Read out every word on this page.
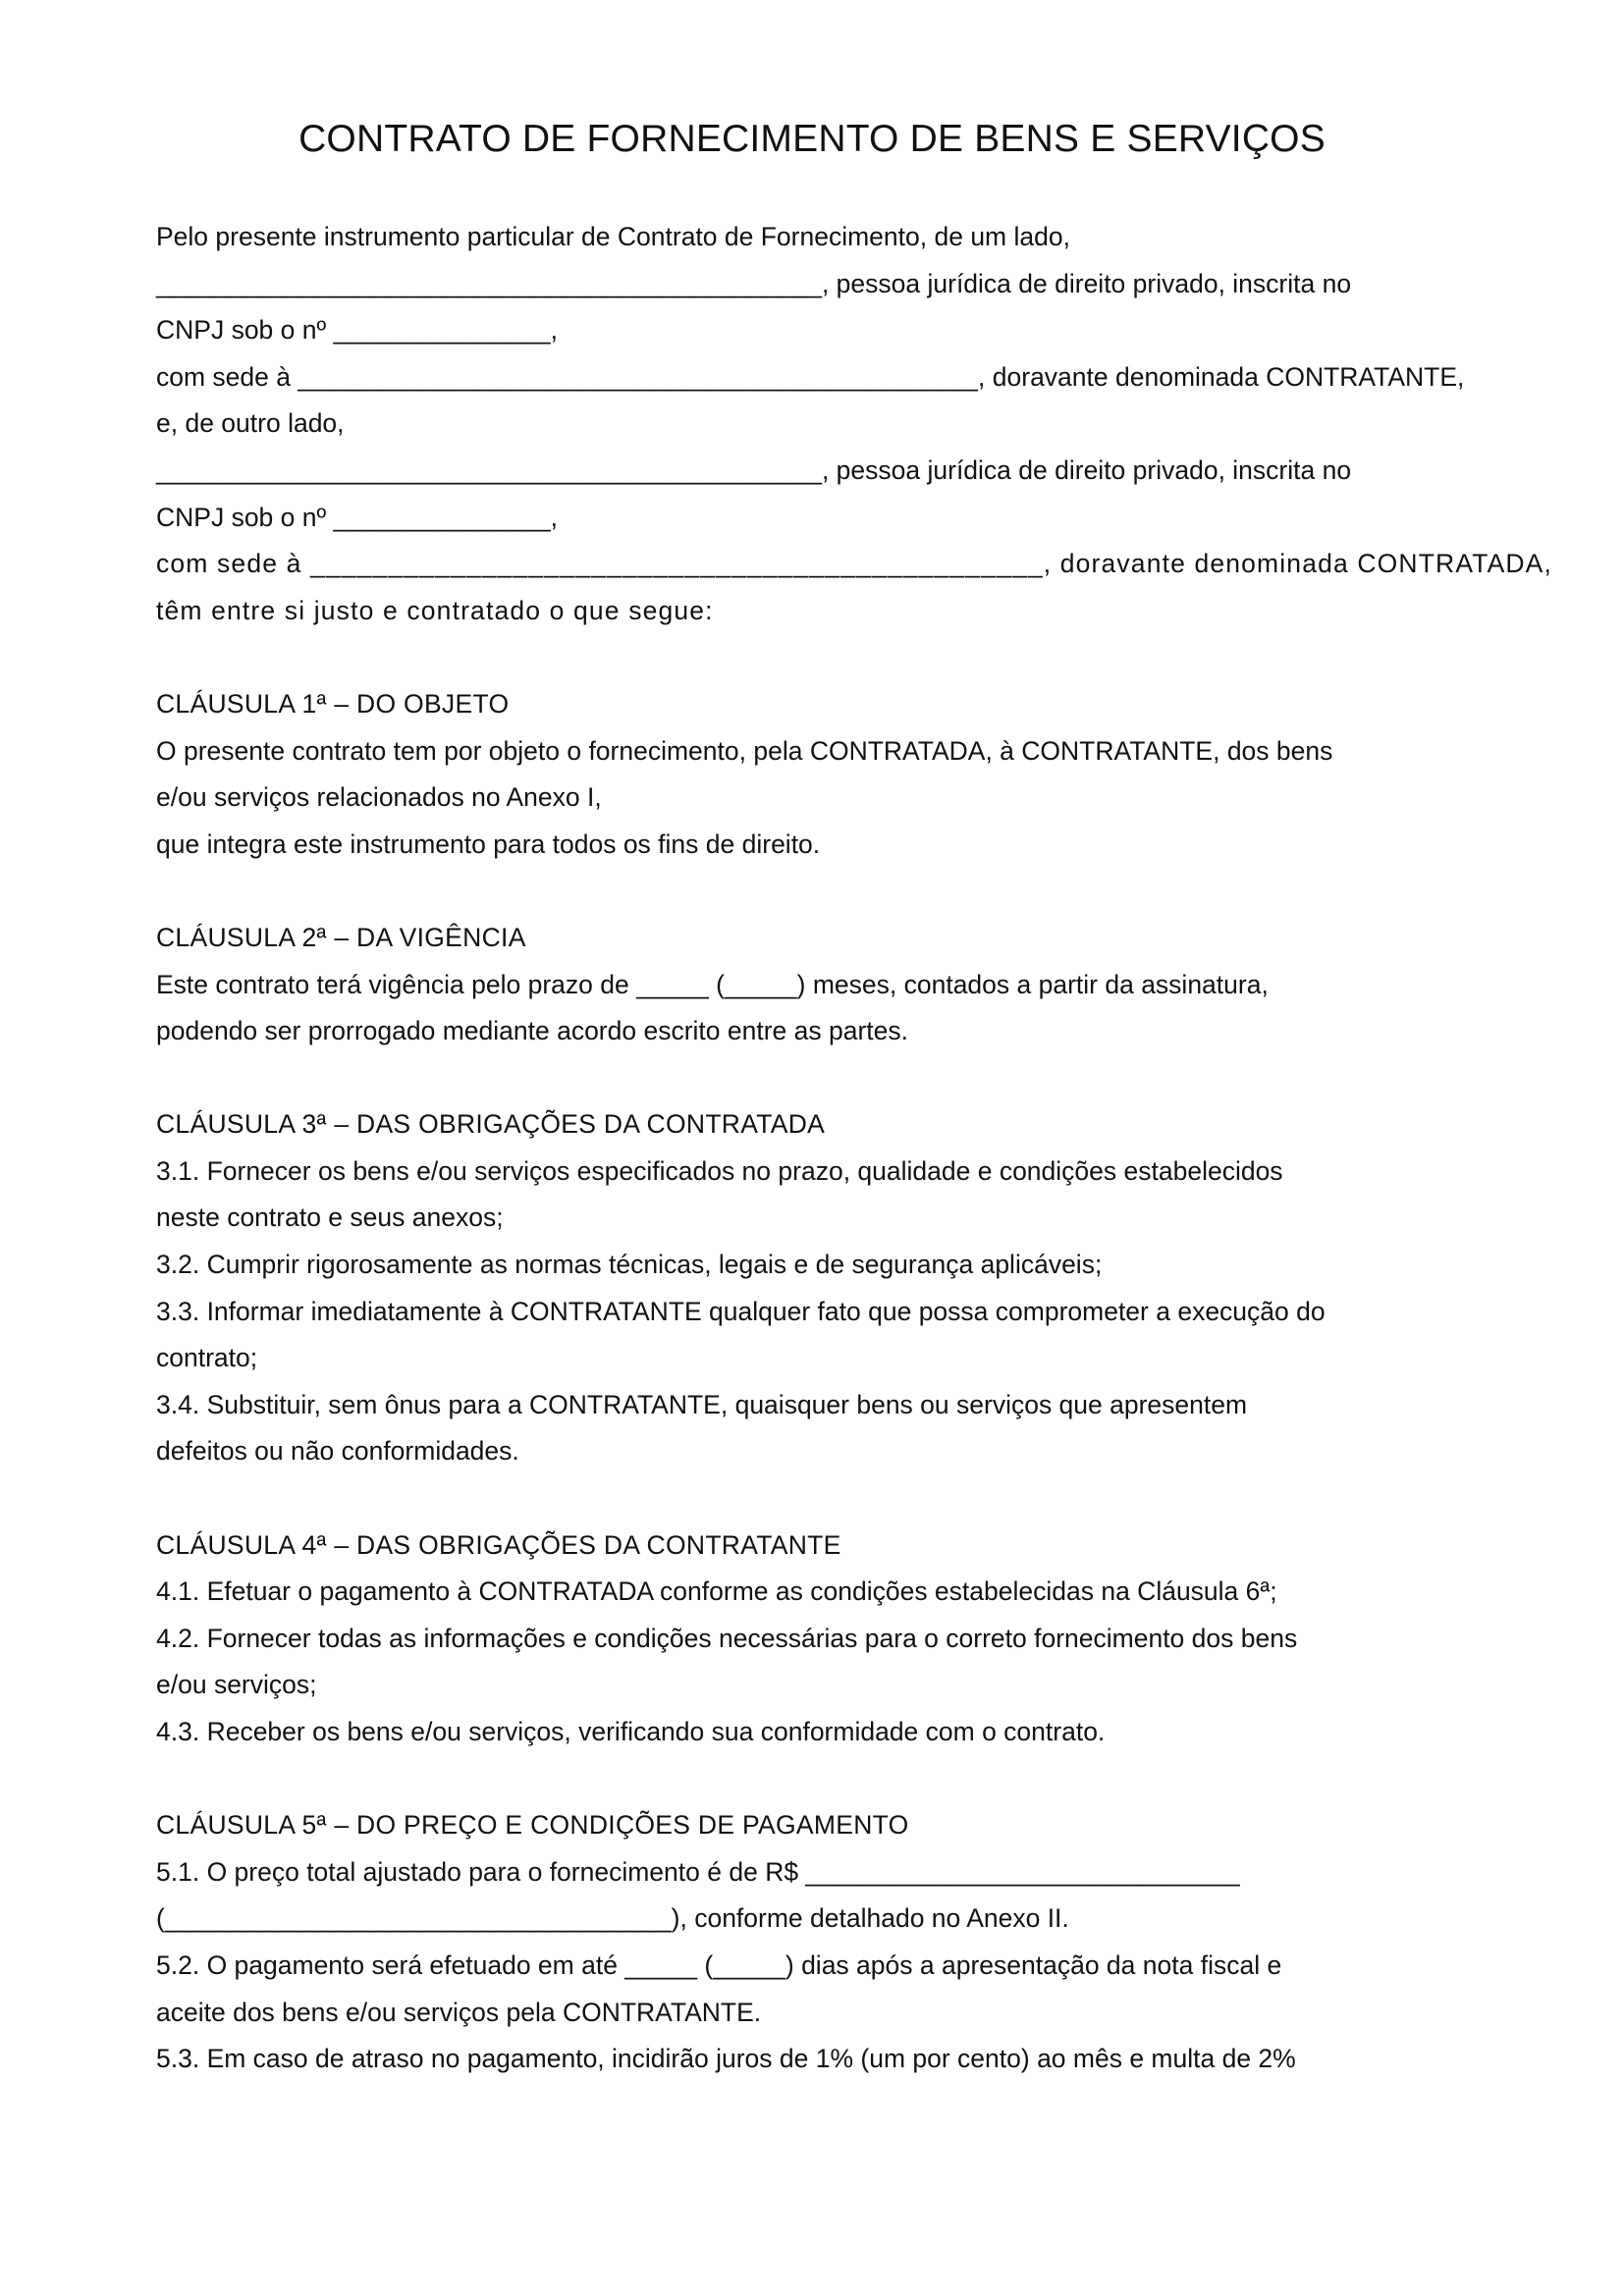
CONTRATO DE FORNECIMENTO DE BENS E SERVIÇOS
Pelo presente instrumento particular de Contrato de Fornecimento, de um lado,
______________________________________________, pessoa jurídica de direito privado, inscrita no
CNPJ sob o nº _______________,
com sede à _______________________________________________, doravante denominada CONTRATANTE,
e, de outro lado,
______________________________________________, pessoa jurídica de direito privado, inscrita no
CNPJ sob o nº _______________,
com sede à _______________________________________________, doravante denominada CONTRATADA,
têm entre si justo e contratado o que segue:
CLÁUSULA 1ª – DO OBJETO
O presente contrato tem por objeto o fornecimento, pela CONTRATADA, à CONTRATANTE, dos bens
e/ou serviços relacionados no Anexo I,
que integra este instrumento para todos os fins de direito.
CLÁUSULA 2ª – DA VIGÊNCIA
Este contrato terá vigência pelo prazo de _____ (_____) meses, contados a partir da assinatura,
podendo ser prorrogado mediante acordo escrito entre as partes.
CLÁUSULA 3ª – DAS OBRIGAÇÕES DA CONTRATADA
3.1. Fornecer os bens e/ou serviços especificados no prazo, qualidade e condições estabelecidos
neste contrato e seus anexos;
3.2. Cumprir rigorosamente as normas técnicas, legais e de segurança aplicáveis;
3.3. Informar imediatamente à CONTRATANTE qualquer fato que possa comprometer a execução do
contrato;
3.4. Substituir, sem ônus para a CONTRATANTE, quaisquer bens ou serviços que apresentem
defeitos ou não conformidades.
CLÁUSULA 4ª – DAS OBRIGAÇÕES DA CONTRATANTE
4.1. Efetuar o pagamento à CONTRATADA conforme as condições estabelecidas na Cláusula 6ª;
4.2. Fornecer todas as informações e condições necessárias para o correto fornecimento dos bens
e/ou serviços;
4.3. Receber os bens e/ou serviços, verificando sua conformidade com o contrato.
CLÁUSULA 5ª – DO PREÇO E CONDIÇÕES DE PAGAMENTO
5.1. O preço total ajustado para o fornecimento é de R$ ______________________________
(___________________________________), conforme detalhado no Anexo II.
5.2. O pagamento será efetuado em até _____ (_____) dias após a apresentação da nota fiscal e
aceite dos bens e/ou serviços pela CONTRATANTE.
5.3. Em caso de atraso no pagamento, incidirão juros de 1% (um por cento) ao mês e multa de 2%
